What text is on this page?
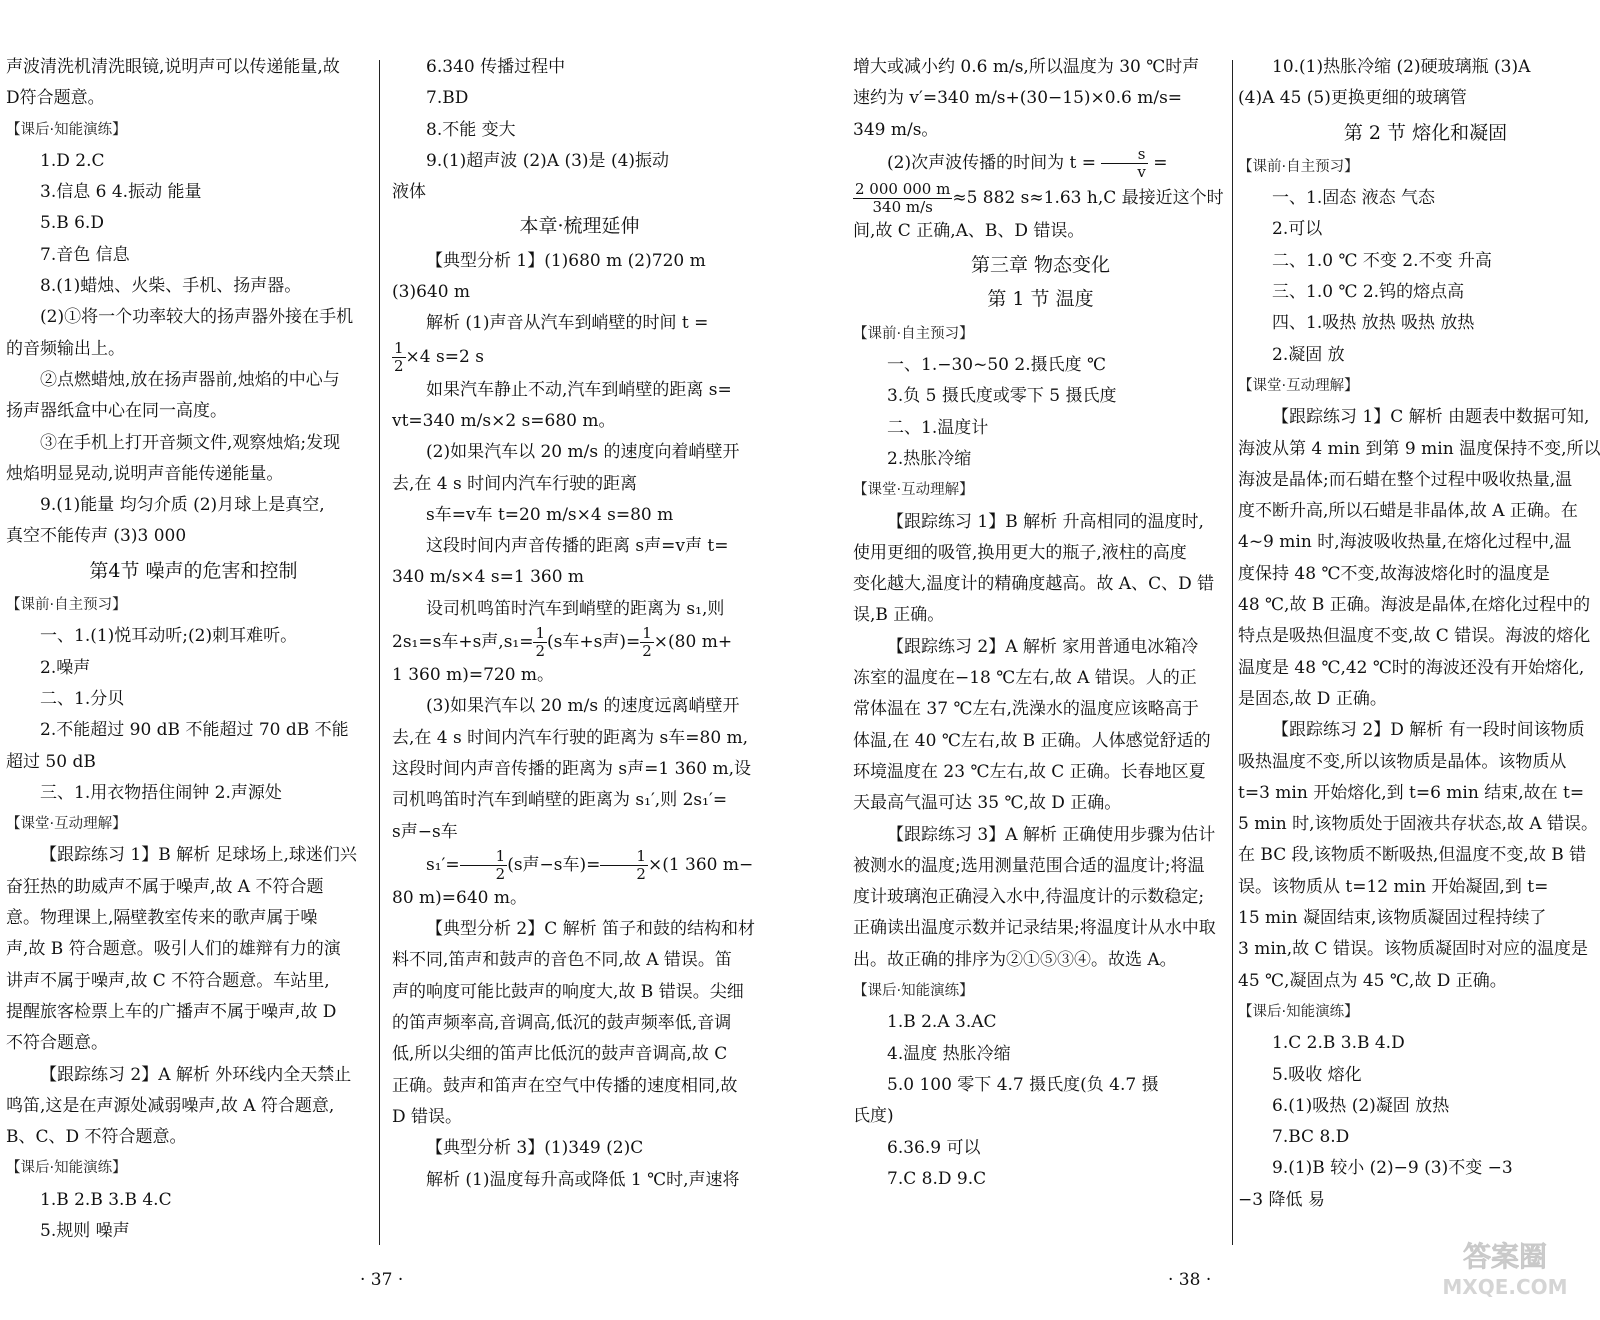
声波清洗机清洗眼镜,说明声可以传递能量,故

D符合题意。

【课后·知能演练】

1.D 2.C

3.信息 6 4.振动 能量

5.B 6.D

7.音色 信息

8.(1)蜡烛、火柴、手机、扬声器。

(2)①将一个功率较大的扬声器外接在手机

的音频输出上。

②点燃蜡烛,放在扬声器前,烛焰的中心与

扬声器纸盒中心在同一高度。

③在手机上打开音频文件,观察烛焰;发现

烛焰明显晃动,说明声音能传递能量。

9.(1)能量 均匀介质 (2)月球上是真空,

真空不能传声 (3)3 000

第4节 噪声的危害和控制

【课前·自主预习】

一、1.(1)悦耳动听;(2)刺耳难听。

2.噪声

二、1.分贝

2.不能超过 90 dB 不能超过 70 dB 不能

超过 50 dB

三、1.用衣物捂住闹钟 2.声源处

【课堂·互动理解】

【跟踪练习 1】B 解析 足球场上,球迷们兴

奋狂热的助威声不属于噪声,故 A 不符合题

意。物理课上,隔壁教室传来的歌声属于噪

声,故 B 符合题意。吸引人们的雄辩有力的演

讲声不属于噪声,故 C 不符合题意。车站里,

提醒旅客检票上车的广播声不属于噪声,故 D

不符合题意。

【跟踪练习 2】A 解析 外环线内全天禁止

鸣笛,这是在声源处减弱噪声,故 A 符合题意,

B、C、D 不符合题意。

【课后·知能演练】

1.B 2.B 3.B 4.C

5.规则 噪声

6.340 传播过程中

7.BD

8.不能 变大

9.(1)超声波 (2)A (3)是 (4)振动

液体

本章·梳理延伸

【典型分析 1】(1)680 m (2)720 m

(3)640 m

解析 (1)声音从汽车到峭壁的时间 t =

$\frac{1}{2} \times 4$ s=2 s

如果汽车静止不动,汽车到峭壁的距离 s=

vt=340 m/s×2 s=680 m。

(2)如果汽车以 20 m/s 的速度向着峭壁开

去,在 4 s 时间内汽车行驶的距离

s车=v车 t=20 m/s×4 s=80 m

这段时间内声音传播的距离 s声=v声 t=

340 m/s×4 s=1 360 m

设司机鸣笛时汽车到峭壁的距离为 s₁,则

2s₁=s车+s声$,s_1= \frac{1}{2} (s$车+s声)= $\frac{1}{2} \times(80$ m+

1 360 m)=720 m。

(3)如果汽车以 20 m/s 的速度远离峭壁开

去,在 4 s 时间内汽车行驶的距离为 s车=80 m,

这段时间内声音传播的距离为 s声=1 360 m,设

司机鸣笛时汽车到峭壁的距离为 s₁′,则 2s₁′=

s声−s车

$s_1'= \frac{1}{2} (s$声−s车)= $\frac{1}{2} \times(1$ 360 m−

80 m)=640 m。

【典型分析 2】C 解析 笛子和鼓的结构和材

料不同,笛声和鼓声的音色不同,故 A 错误。笛

声的响度可能比鼓声的响度大,故 B 错误。尖细

的笛声频率高,音调高,低沉的鼓声频率低,音调

低,所以尖细的笛声比低沉的鼓声音调高,故 C

正确。鼓声和笛声在空气中传播的速度相同,故

D 错误。

【典型分析 3】(1)349 (2)C

解析 (1)温度每升高或降低 1 ℃时,声速将

· 37 ·

增大或减小约 0.6 m/s,所以温度为 30 ℃时声

速约为 v′=340 m/s+(30−15)×0.6 m/s=

349 m/s。

(2)次声波传播的时间为 $t = \frac{s}{v}$ =

$\frac{2 000 000 m}{340 m/s} \approx 5$ 882 s≈1.63 h,C 最接近这个时

间,故 C 正确,A、B、D 错误。

第三章 物态变化

第 1 节 温度

【课前·自主预习】

一、1.−30~50 2.摄氏度 ℃

3.负 5 摄氏度或零下 5 摄氏度

二、1.温度计

2.热胀冷缩

【课堂·互动理解】

【跟踪练习 1】B 解析 升高相同的温度时,

使用更细的吸管,换用更大的瓶子,液柱的高度

变化越大,温度计的精确度越高。故 A、C、D 错

误,B 正确。

【跟踪练习 2】A 解析 家用普通电冰箱冷

冻室的温度在−18 ℃左右,故 A 错误。人的正

常体温在 37 ℃左右,洗澡水的温度应该略高于

体温,在 40 ℃左右,故 B 正确。人体感觉舒适的

环境温度在 23 ℃左右,故 C 正确。长春地区夏

天最高气温可达 35 ℃,故 D 正确。

【跟踪练习 3】A 解析 正确使用步骤为估计

被测水的温度;选用测量范围合适的温度计;将温

度计玻璃泡正确浸入水中,待温度计的示数稳定;

正确读出温度示数并记录结果;将温度计从水中取

出。故正确的排序为②①⑤③④。故选 A。

【课后·知能演练】

1.B 2.A 3.AC

4.温度 热胀冷缩

5.0 100 零下 4.7 摄氏度(负 4.7 摄

氏度)

6.36.9 可以

7.C 8.D 9.C

10.(1)热胀冷缩 (2)硬玻璃瓶 (3)A

(4)A 45 (5)更换更细的玻璃管

第 2 节 熔化和凝固

【课前·自主预习】

一、1.固态 液态 气态

2.可以

二、1.0 ℃ 不变 2.不变 升高

三、1.0 ℃ 2.钨的熔点高

四、1.吸热 放热 吸热 放热

2.凝固 放

【课堂·互动理解】

【跟踪练习 1】C 解析 由题表中数据可知,

海波从第 4 min 到第 9 min 温度保持不变,所以

海波是晶体;而石蜡在整个过程中吸收热量,温

度不断升高,所以石蜡是非晶体,故 A 正确。在

4~9 min 时,海波吸收热量,在熔化过程中,温

度保持 48 ℃不变,故海波熔化时的温度是

48 ℃,故 B 正确。海波是晶体,在熔化过程中的

特点是吸热但温度不变,故 C 错误。海波的熔化

温度是 48 ℃,42 ℃时的海波还没有开始熔化,

是固态,故 D 正确。

【跟踪练习 2】D 解析 有一段时间该物质

吸热温度不变,所以该物质是晶体。该物质从

t=3 min 开始熔化,到 t=6 min 结束,故在 t=

5 min 时,该物质处于固液共存状态,故 A 错误。

在 BC 段,该物质不断吸热,但温度不变,故 B 错

误。该物质从 t=12 min 开始凝固,到 t=

15 min 凝固结束,该物质凝固过程持续了

3 min,故 C 错误。该物质凝固时对应的温度是

45 ℃,凝固点为 45 ℃,故 D 正确。

【课后·知能演练】

1.C 2.B 3.B 4.D

5.吸收 熔化

6.(1)吸热 (2)凝固 放热

7.BC 8.D

9.(1)B 较小 (2)−9 (3)不变 −3

−3 降低 易

· 38 ·
答案圈
MXQE.COM
